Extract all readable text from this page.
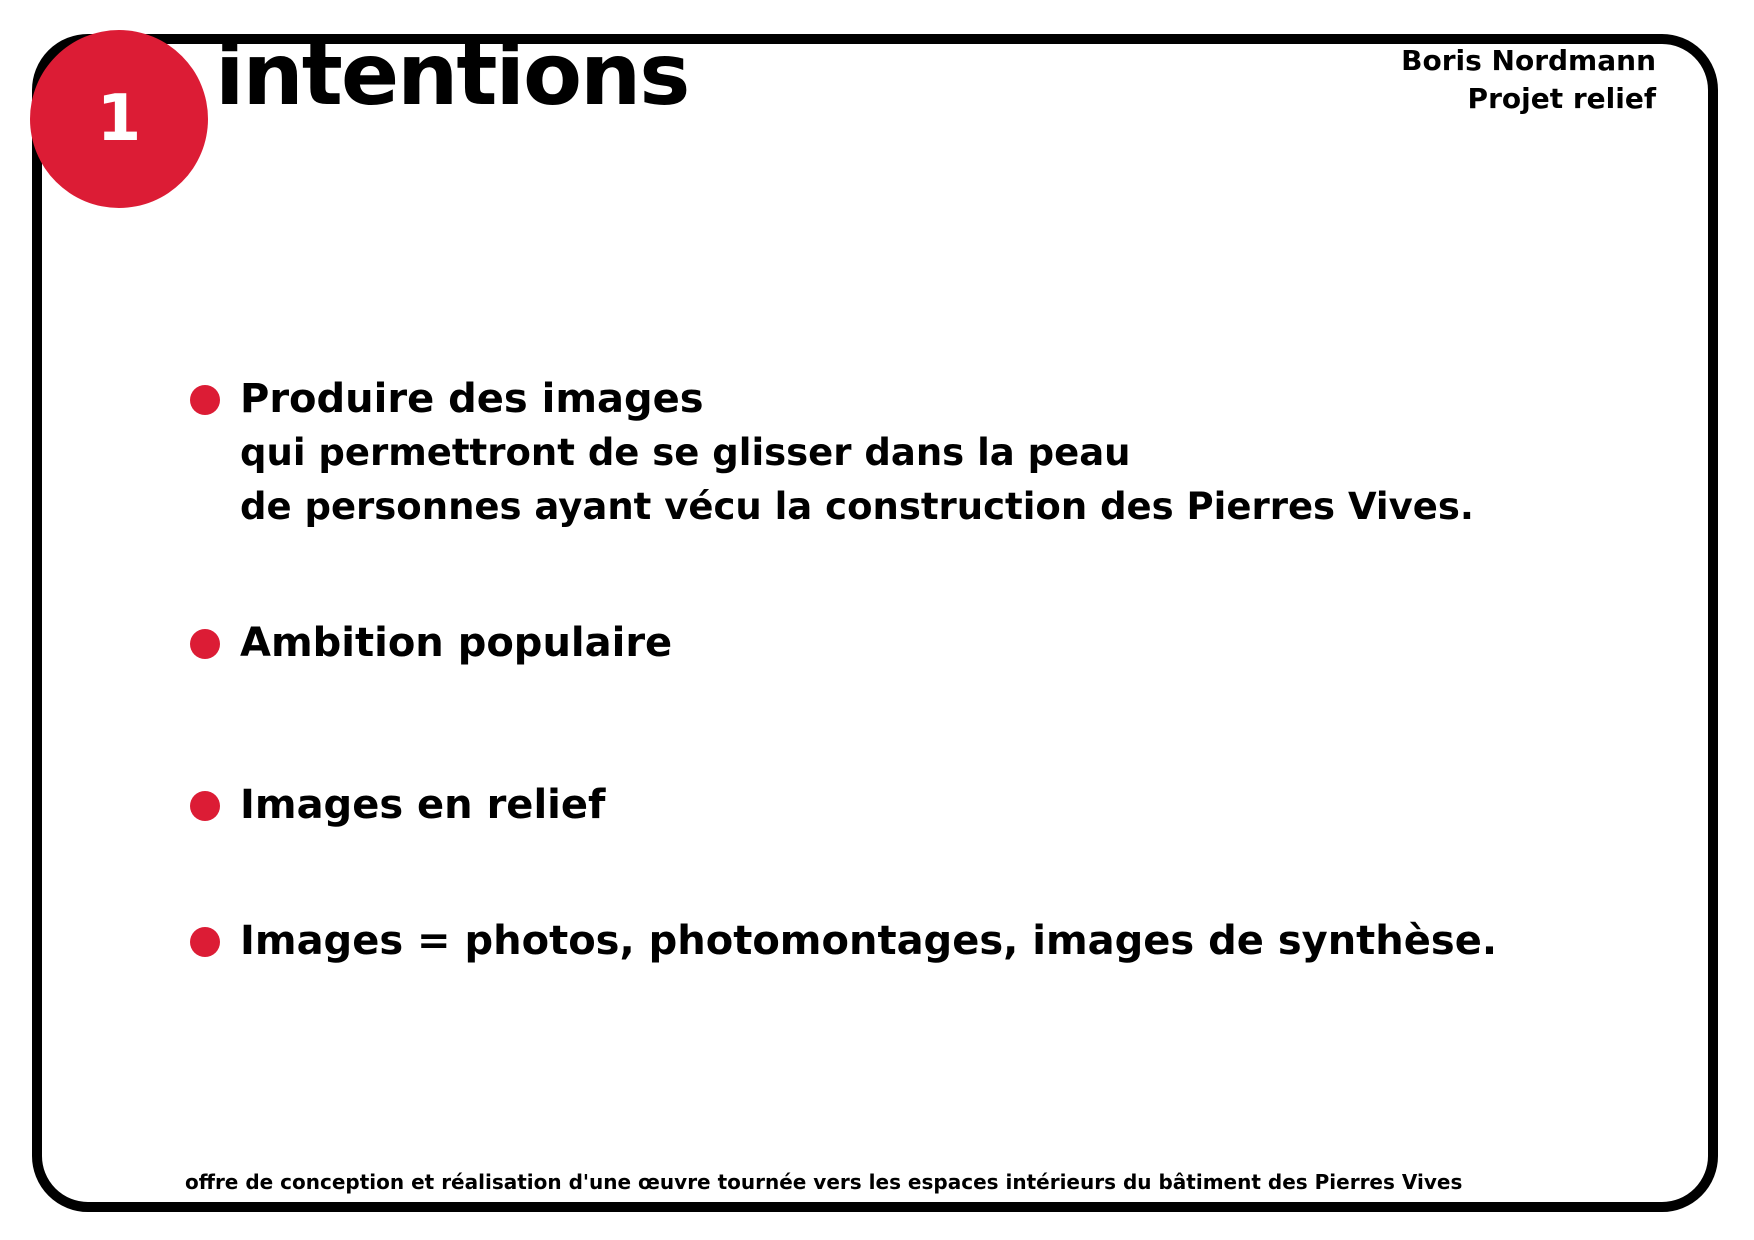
1 intentions	Boris Nordmann
Projet relief
Produire des images
qui permettront de se glisser dans la peau
de personnes ayant vécu la construction des Pierres Vives.
Ambition populaire
Images en relief
Images = photos, photomontages, images de synthèse.
offre de conception et réalisation d'une œuvre tournée vers les espaces intérieurs du bâtiment des Pierres Vives
